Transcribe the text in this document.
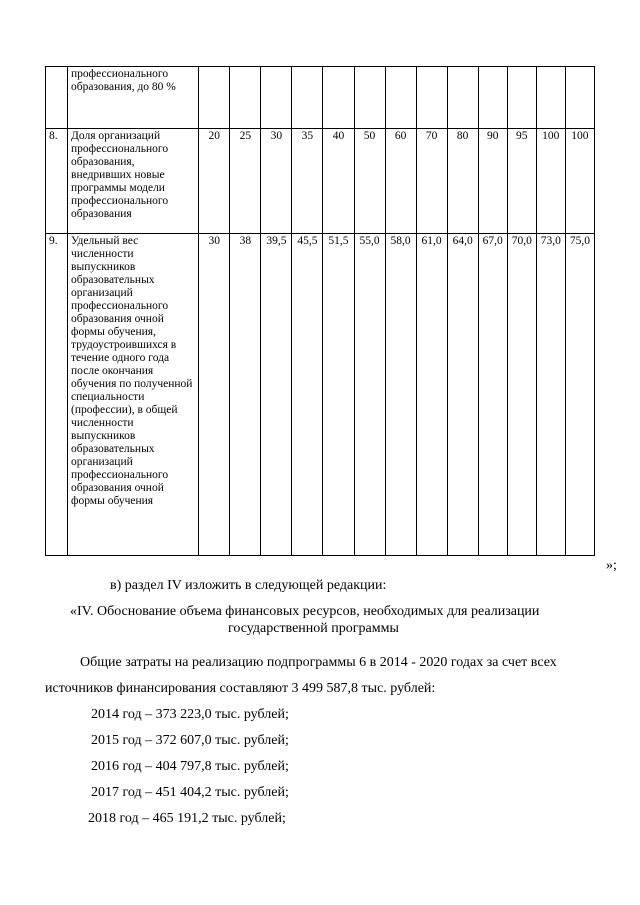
	профессионального образования, до 80 %													
8.	Доля организаций профессионального образования, внедривших новые программы модели профессионального образования	20	25	30	35	40	50	60	70	80	90	95	100	100
9.	Удельный вес численности выпускников образовательных организаций профессионального образования очной формы обучения, трудоустроившихся в течение одного года после окончания обучения по полученной специальности (профессии), в общей численности выпускников образовательных организаций профессионального образования очной формы обучения	30	38	39,5	45,5	51,5	55,0	58,0	61,0	64,0	67,0	70,0	73,0	75,0
»;
в) раздел IV изложить в следующей редакции:
«IV. Обоснование объема финансовых ресурсов, необходимых для реализации
государственной программы
Общие затраты на реализацию подпрограммы 6 в 2014 - 2020 годах за счет всех
источников финансирования составляют 3 499 587,8 тыс. рублей:
2014 год – 373 223,0 тыс. рублей;
2015 год – 372 607,0 тыс. рублей;
2016 год – 404 797,8 тыс. рублей;
2017 год – 451 404,2 тыс. рублей;
2018 год – 465 191,2 тыс. рублей;
